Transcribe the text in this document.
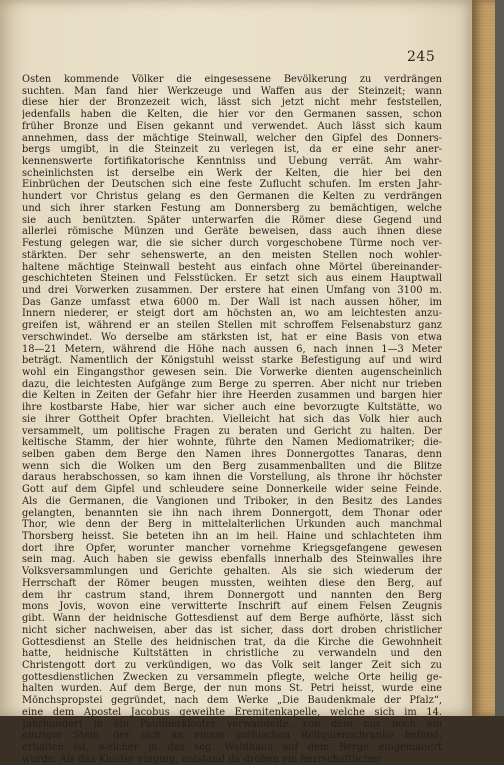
245
Osten kommende Völker die eingesessene Bevölkerung zu verdrängen
suchten. Man fand hier Werkzeuge und Waffen aus der Steinzeit; wann
diese hier der Bronzezeit wich, lässt sich jetzt nicht mehr feststellen,
jedenfalls haben die Kelten, die hier vor den Germanen sassen, schon
früher Bronze und Eisen gekannt und verwendet. Auch lässt sich kaum
annehmen, dass der mächtige Steinwall, welcher den Gipfel des Donners-
bergs umgibt, in die Steinzeit zu verlegen ist, da er eine sehr aner-
kennenswerte fortifikatorische Kenntniss und Uebung verrät. Am wahr-
scheinlichsten ist derselbe ein Werk der Kelten, die hier bei den
Einbrüchen der Deutschen sich eine feste Zuflucht schufen. Im ersten Jahr-
hundert vor Christus gelang es den Germanen die Kelten zu verdrängen
und sich ihrer starken Festung am Donnersberg zu bemächtigen, welche
sie auch benützten. Später unterwarfen die Römer diese Gegend und
allerlei römische Münzen und Geräte beweisen, dass auch ihnen diese
Festung gelegen war, die sie sicher durch vorgeschobene Türme noch ver-
stärkten. Der sehr sehenswerte, an den meisten Stellen noch wohler-
haltene mächtige Steinwall besteht aus einfach ohne Mörtel übereinander-
geschichteten Steinen und Felsstücken. Er setzt sich aus einem Hauptwall
und drei Vorwerken zusammen. Der erstere hat einen Umfang von 3100 m.
Das Ganze umfasst etwa 6000 m. Der Wall ist nach aussen höher, im
Innern niederer, er steigt dort am höchsten an, wo am leichtesten anzu-
greifen ist, während er an steilen Stellen mit schroffem Felsenabsturz ganz
verschwindet. Wo derselbe am stärksten ist, hat er eine Basis von etwa
18—21 Metern, während die Höhe nach aussen 6, nach innen 1—3 Meter
beträgt. Namentlich der Königstuhl weisst starke Befestigung auf und wird
wohl ein Eingangsthor gewesen sein. Die Vorwerke dienten augenscheinlich
dazu, die leichtesten Aufgänge zum Berge zu sperren. Aber nicht nur trieben
die Kelten in Zeiten der Gefahr hier ihre Heerden zusammen und bargen hier
ihre kostbarste Habe, hier war sicher auch eine bevorzugte Kultstätte, wo
sie ihrer Gottheit Opfer brachten. Vielleicht hat sich das Volk hier auch
versammelt, um politische Fragen zu beraten und Gericht zu halten. Der
keltische Stamm, der hier wohnte, führte den Namen Mediomatriker; die-
selben gaben dem Berge den Namen ihres Donnergottes Tanaras, denn
wenn sich die Wolken um den Berg zusammenballten und die Blitze
daraus herabschossen, so kam ihnen die Vorstellung, als throne ihr höchster
Gott auf dem Gipfel und schleudere seine Donnerkeile wider seine Feinde.
Als die Germanen, die Vangionen und Triboker, in den Besitz des Landes
gelangten, benannten sie ihn nach ihrem Donnergott, dem Thonar oder
Thor, wie denn der Berg in mittelalterlichen Urkunden auch manchmal
Thorsberg heisst. Sie beteten ihn an im heil. Haine und schlachteten ihm
dort ihre Opfer, worunter mancher vornehme Kriegsgefangene gewesen
sein mag. Auch haben sie gewiss ebenfalls innerhalb des Steinwalles ihre
Volksversammlungen und Gerichte gehalten. Als sie sich wiederum der
Herrschaft der Römer beugen mussten, weihten diese den Berg, auf
dem ihr castrum stand, ihrem Donnergott und nannten den Berg
mons Jovis, wovon eine verwitterte Inschrift auf einem Felsen Zeugnis
gibt. Wann der heidnische Gottesdienst auf dem Berge aufhörte, lässt sich
nicht sicher nachweisen, aber das ist sicher, dass dort droben christlicher
Gottesdienst an Stelle des heidnischen trat, da die Kirche die Gewohnheit
hatte, heidnische Kultstätten in christliche zu verwandeln und den
Christengott dort zu verkündigen, wo das Volk seit langer Zeit sich zu
gottesdienstlichen Zwecken zu versammeln pflegte, welche Orte heilig ge-
halten wurden. Auf dem Berge, der nun mons St. Petri heisst, wurde eine
Mönchspropstei gegründet, nach dem Werke „Die Baudenkmale der Pfalz“,
eine dem Apostel Jacobus geweihte Eremitenkapelle, welche sich im 14.
Jahrhundert in ein Paulinerkloster verwandelte, von dem nur noch ein
einziger Stein, der sich an einem gothischen Reliquienschranke befand,
erhalten ist, welcher in das sog. Waldhaus auf dem Berge eingemauert
wurde. Als das Kloster einging, entstand da droben ein herrschaftlicher
